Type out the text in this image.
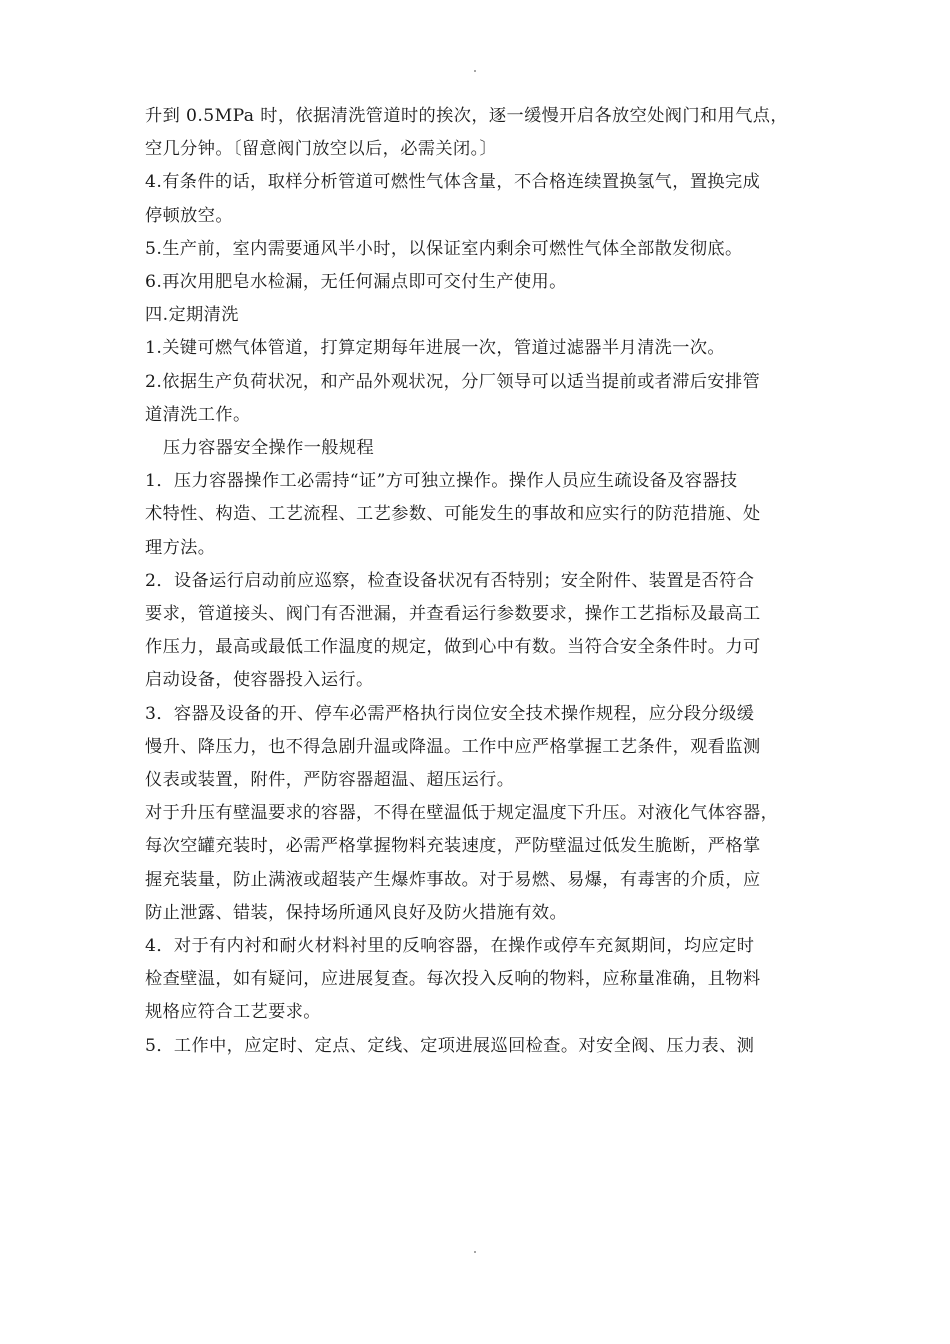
升到 0.5MPa 时，依据清洗管道时的挨次，逐一缓慢开启各放空处阀门和用气点，

空几分钟。〔留意阀门放空以后，必需关闭。〕

4.有条件的话，取样分析管道可燃性气体含量，不合格连续置换氢气，置换完成

停顿放空。

5.生产前，室内需要通风半小时，以保证室内剩余可燃性气体全部散发彻底。

6.再次用肥皂水检漏，无任何漏点即可交付生产使用。

四.定期清洗

1.关键可燃气体管道，打算定期每年进展一次，管道过滤器半月清洗一次。

2.依据生产负荷状况，和产品外观状况，分厂领导可以适当提前或者滞后安排管

道清洗工作。

压力容器安全操作一般规程

1．压力容器操作工必需持“证”方可独立操作。操作人员应生疏设备及容器技

术特性、构造、工艺流程、工艺参数、可能发生的事故和应实行的防范措施、处

理方法。

2．设备运行启动前应巡察，检查设备状况有否特别；安全附件、装置是否符合

要求，管道接头、阀门有否泄漏，并查看运行参数要求，操作工艺指标及最高工

作压力，最高或最低工作温度的规定，做到心中有数。当符合安全条件时。力可

启动设备，使容器投入运行。

3．容器及设备的开、停车必需严格执行岗位安全技术操作规程，应分段分级缓

慢升、降压力，也不得急剧升温或降温。工作中应严格掌握工艺条件，观看监测

仪表或装置，附件，严防容器超温、超压运行。

对于升压有壁温要求的容器，不得在壁温低于规定温度下升压。对液化气体容器，

每次空罐充装时，必需严格掌握物料充装速度，严防壁温过低发生脆断，严格掌

握充装量，防止满液或超装产生爆炸事故。对于易燃、易爆，有毒害的介质，应

防止泄露、错装，保持场所通风良好及防火措施有效。

4．对于有内衬和耐火材料衬里的反响容器，在操作或停车充氮期间，均应定时

检查壁温，如有疑问，应进展复查。每次投入反响的物料，应称量准确，且物料

规格应符合工艺要求。

5．工作中，应定时、定点、定线、定项进展巡回检查。对安全阀、压力表、测
